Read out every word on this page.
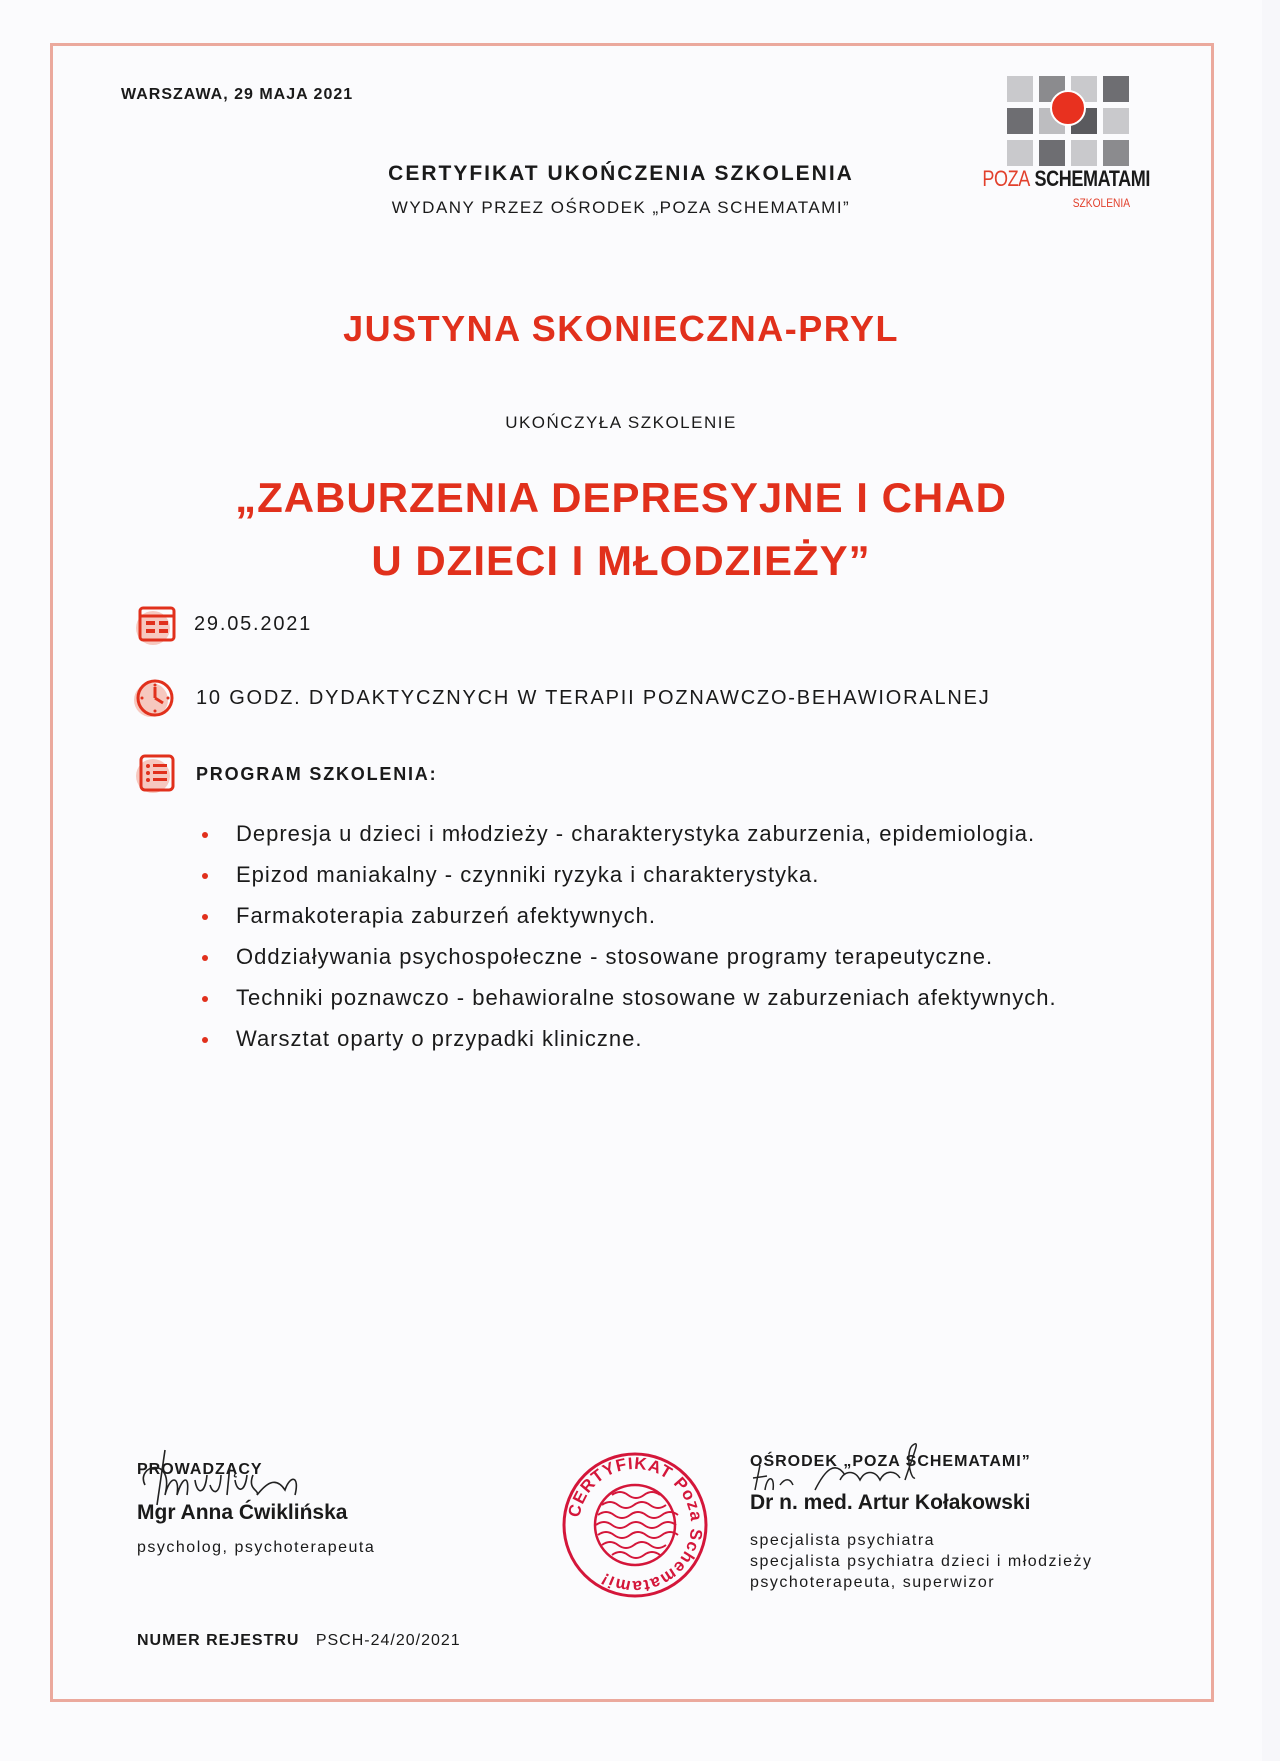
WARSZAWA, 29 MAJA 2021
CERTYFIKAT UKOŃCZENIA SZKOLENIA
WYDANY PRZEZ OŚRODEK „POZA SCHEMATAMI”
POZA SCHEMATAMI
SZKOLENIA
JUSTYNA SKONIECZNA-PRYL
UKOŃCZYŁA SZKOLENIE
„ZABURZENIA DEPRESYJNE I CHAD
U DZIECI I MŁODZIEŻY”
29.05.2021
10 GODZ. DYDAKTYCZNYCH W TERAPII POZNAWCZO-BEHAWIORALNEJ
PROGRAM SZKOLENIA:
Depresja u dzieci i młodzieży - charakterystyka zaburzenia, epidemiologia.
Epizod maniakalny - czynniki ryzyka i charakterystyka.
Farmakoterapia zaburzeń afektywnych.
Oddziaływania psychospołeczne - stosowane programy terapeutyczne.
Techniki poznawczo - behawioralne stosowane w zaburzeniach afektywnych.
Warsztat oparty o przypadki kliniczne.
PROWADZĄCY
Mgr Anna Ćwiklińska
psycholog, psychoterapeuta
CERTYFIKAT Poza Schematami!
OŚRODEK „POZA SCHEMATAMI”
Dr n. med. Artur Kołakowski
specjalista psychiatra
specjalista psychiatra dzieci i młodzieży
psychoterapeuta, superwizor
NUMER REJESTRU PSCH-24/20/2021
